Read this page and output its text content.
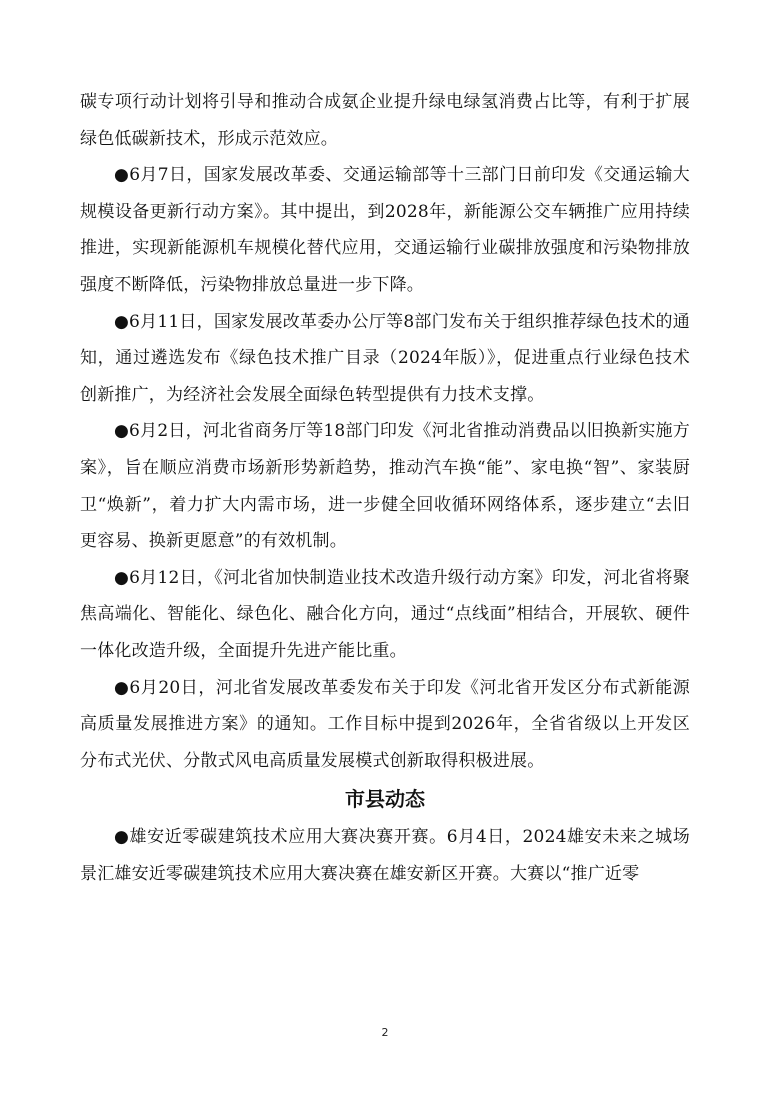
碳专项行动计划将引导和推动合成氨企业提升绿电绿氢消费占比等，有利于扩展绿色低碳新技术，形成示范效应。

●6月7日，国家发展改革委、交通运输部等十三部门日前印发《交通运输大规模设备更新行动方案》。其中提出，到2028年，新能源公交车辆推广应用持续推进，实现新能源机车规模化替代应用，交通运输行业碳排放强度和污染物排放强度不断降低，污染物排放总量进一步下降。

●6月11日，国家发展改革委办公厅等8部门发布关于组织推荐绿色技术的通知，通过遴选发布《绿色技术推广目录（2024年版）》，促进重点行业绿色技术创新推广，为经济社会发展全面绿色转型提供有力技术支撑。

●6月2日，河北省商务厅等18部门印发《河北省推动消费品以旧换新实施方案》，旨在顺应消费市场新形势新趋势，推动汽车换“能”、家电换“智”、家装厨卫“焕新”，着力扩大内需市场，进一步健全回收循环网络体系，逐步建立“去旧更容易、换新更愿意”的有效机制。

●6月12日，《河北省加快制造业技术改造升级行动方案》印发，河北省将聚焦高端化、智能化、绿色化、融合化方向，通过“点线面”相结合，开展软、硬件一体化改造升级，全面提升先进产能比重。

●6月20日，河北省发展改革委发布关于印发《河北省开发区分布式新能源高质量发展推进方案》的通知。工作目标中提到2026年，全省省级以上开发区分布式光伏、分散式风电高质量发展模式创新取得积极进展。

市县动态

●雄安近零碳建筑技术应用大赛决赛开赛。6月4日，2024雄安未来之城场景汇雄安近零碳建筑技术应用大赛决赛在雄安新区开赛。大赛以“推广近零

2
